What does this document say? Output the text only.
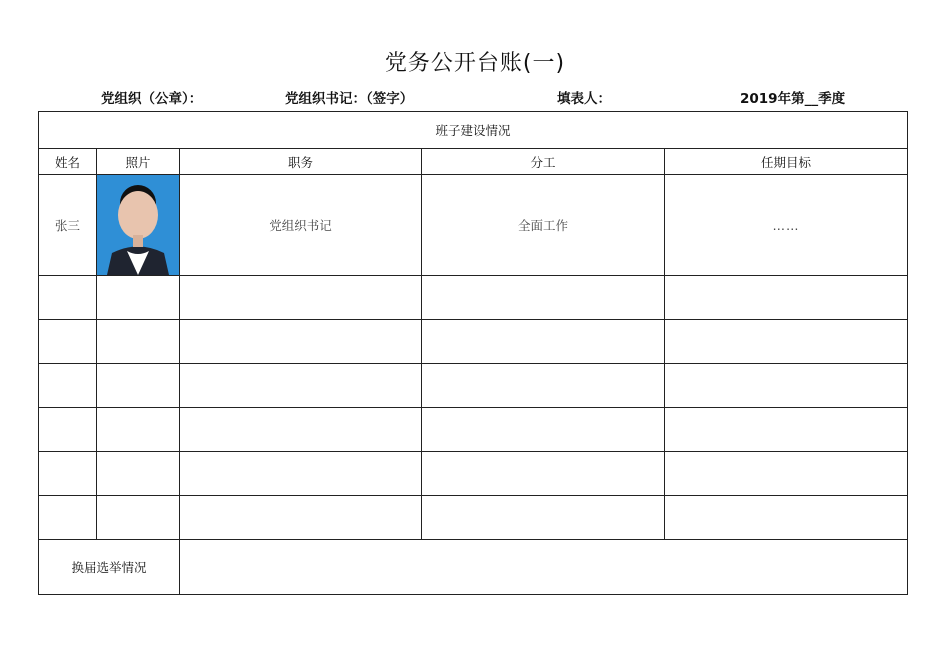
党务公开台账(一)
党组织（公章）：	党组织书记：（签字）	填表人：	2019年第__季度
班子建设情况				
姓名	照片	职务	分工	任期目标
张三		党组织书记	全面工作	……

换届选举情况				
